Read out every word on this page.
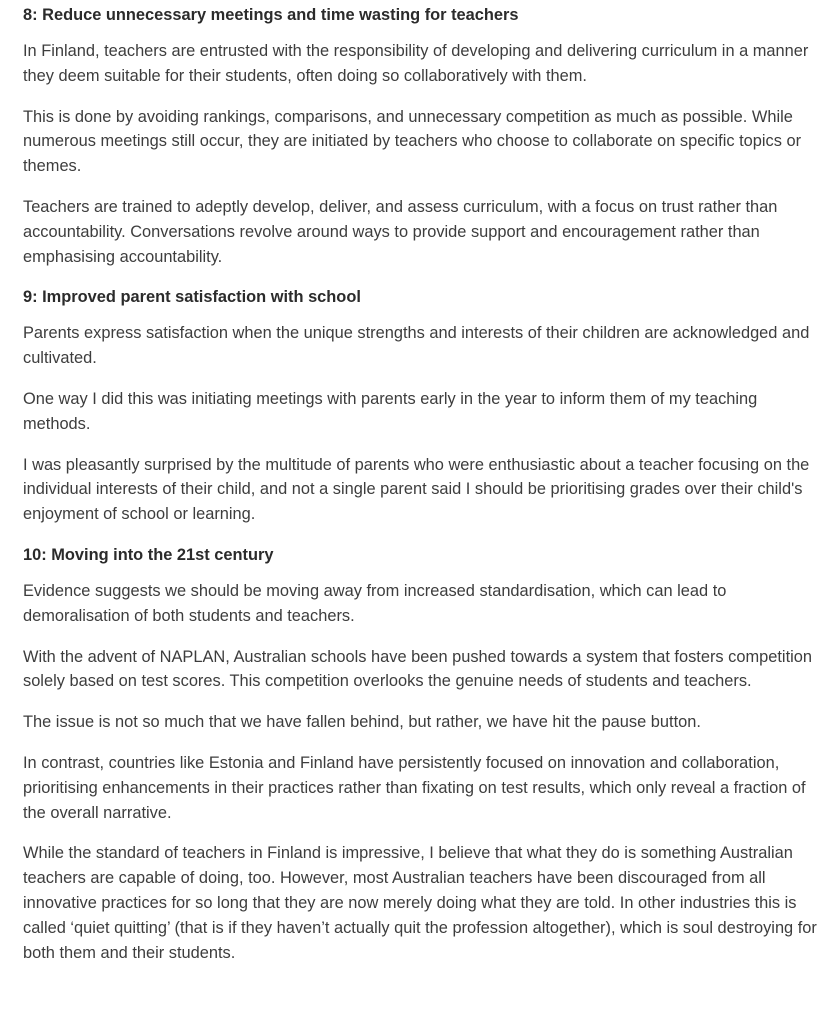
8: Reduce unnecessary meetings and time wasting for teachers

In Finland, teachers are entrusted with the responsibility of developing and delivering curriculum in a manner they deem suitable for their students, often doing so collaboratively with them.

This is done by avoiding rankings, comparisons, and unnecessary competition as much as possible. While numerous meetings still occur, they are initiated by teachers who choose to collaborate on specific topics or themes.

Teachers are trained to adeptly develop, deliver, and assess curriculum, with a focus on trust rather than accountability. Conversations revolve around ways to provide support and encouragement rather than emphasising accountability.

9: Improved parent satisfaction with school

Parents express satisfaction when the unique strengths and interests of their children are acknowledged and cultivated.

One way I did this was initiating meetings with parents early in the year to inform them of my teaching methods.

I was pleasantly surprised by the multitude of parents who were enthusiastic about a teacher focusing on the individual interests of their child, and not a single parent said I should be prioritising grades over their child's enjoyment of school or learning.

10: Moving into the 21st century

Evidence suggests we should be moving away from increased standardisation, which can lead to demoralisation of both students and teachers.

With the advent of NAPLAN, Australian schools have been pushed towards a system that fosters competition solely based on test scores. This competition overlooks the genuine needs of students and teachers.

The issue is not so much that we have fallen behind, but rather, we have hit the pause button.

In contrast, countries like Estonia and Finland have persistently focused on innovation and collaboration, prioritising enhancements in their practices rather than fixating on test results, which only reveal a fraction of the overall narrative.

While the standard of teachers in Finland is impressive, I believe that what they do is something Australian teachers are capable of doing, too. However, most Australian teachers have been discouraged from all innovative practices for so long that they are now merely doing what they are told. In other industries this is called ‘quiet quitting’ (that is if they haven’t actually quit the profession altogether), which is soul destroying for both them and their students.
